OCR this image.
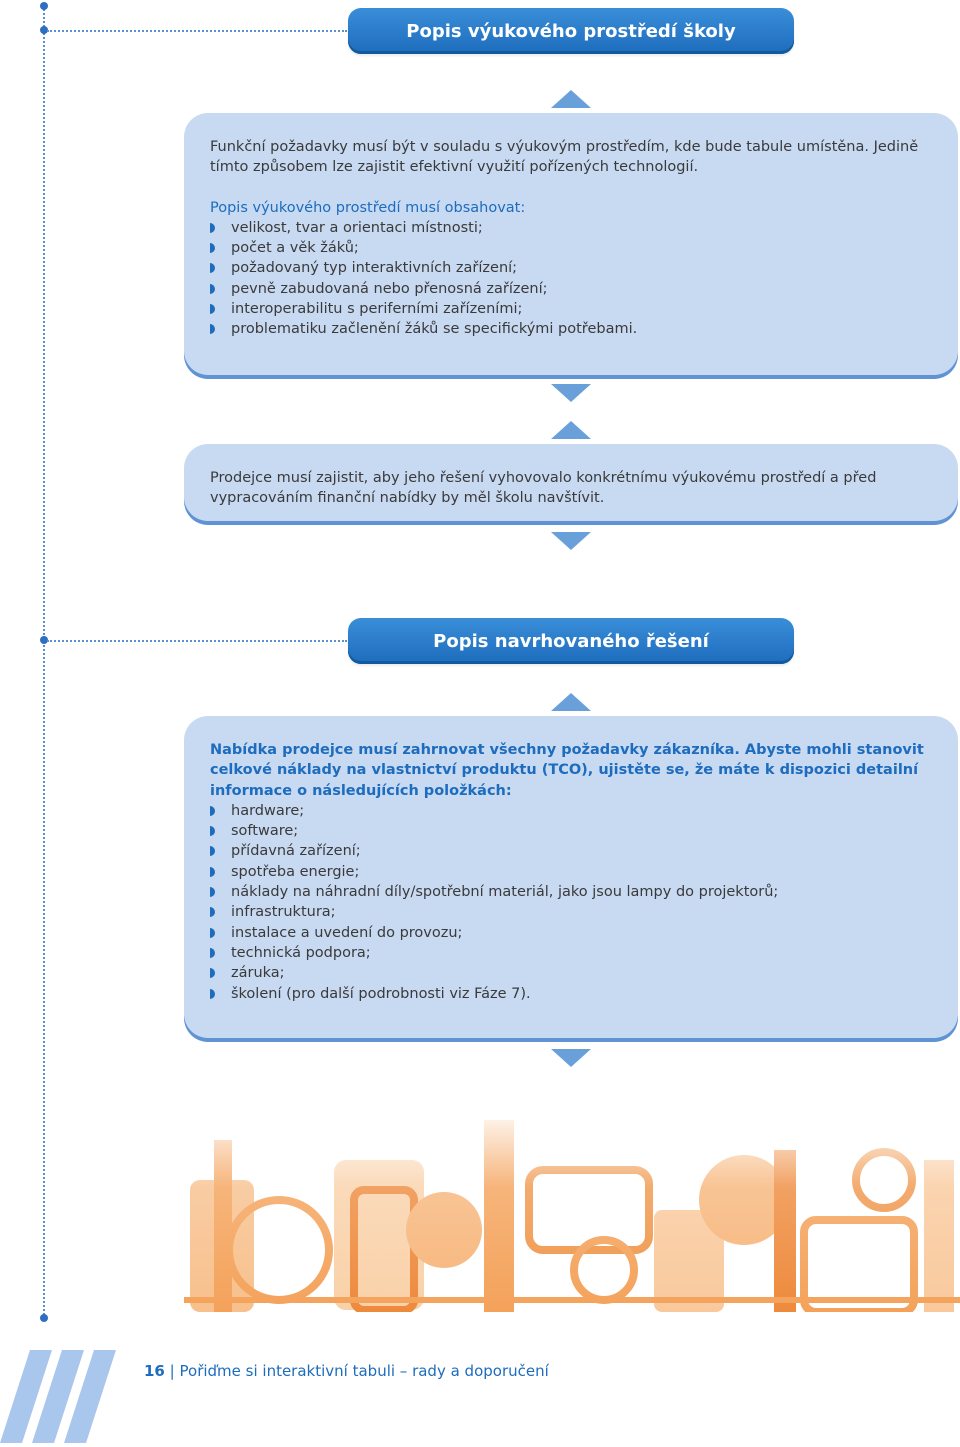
Popis výukového prostředí školy

Funkční požadavky musí být v souladu s výukovým prostředím, kde bude tabule umístěna. Jedině tímto způsobem lze zajistit efektivní využití pořízených technologií.

Popis výukového prostředí musí obsahovat:

velikost, tvar a orientaci místnosti;
počet a věk žáků;
požadovaný typ interaktivních zařízení;
pevně zabudovaná nebo přenosná zařízení;
interoperabilitu s periferními zařízeními;
problematiku začlenění žáků se specifickými potřebami.

Prodejce musí zajistit, aby jeho řešení vyhovovalo konkrétnímu výukovému prostředí a před vypracováním finanční nabídky by měl školu navštívit.

Popis navrhovaného řešení

Nabídka prodejce musí zahrnovat všechny požadavky zákazníka. Abyste mohli stanovit celkové náklady na vlastnictví produktu (TCO), ujistěte se, že máte k dispozici detailní informace o následujících položkách:

hardware;
software;
přídavná zařízení;
spotřeba energie;
náklady na náhradní díly/spotřební materiál, jako jsou lampy do projektorů;
infrastruktura;
instalace a uvedení do provozu;
technická podpora;
záruka;
školení (pro další podrobnosti viz Fáze 7).
16 | Pořiďme si interaktivní tabuli – rady a doporučení
